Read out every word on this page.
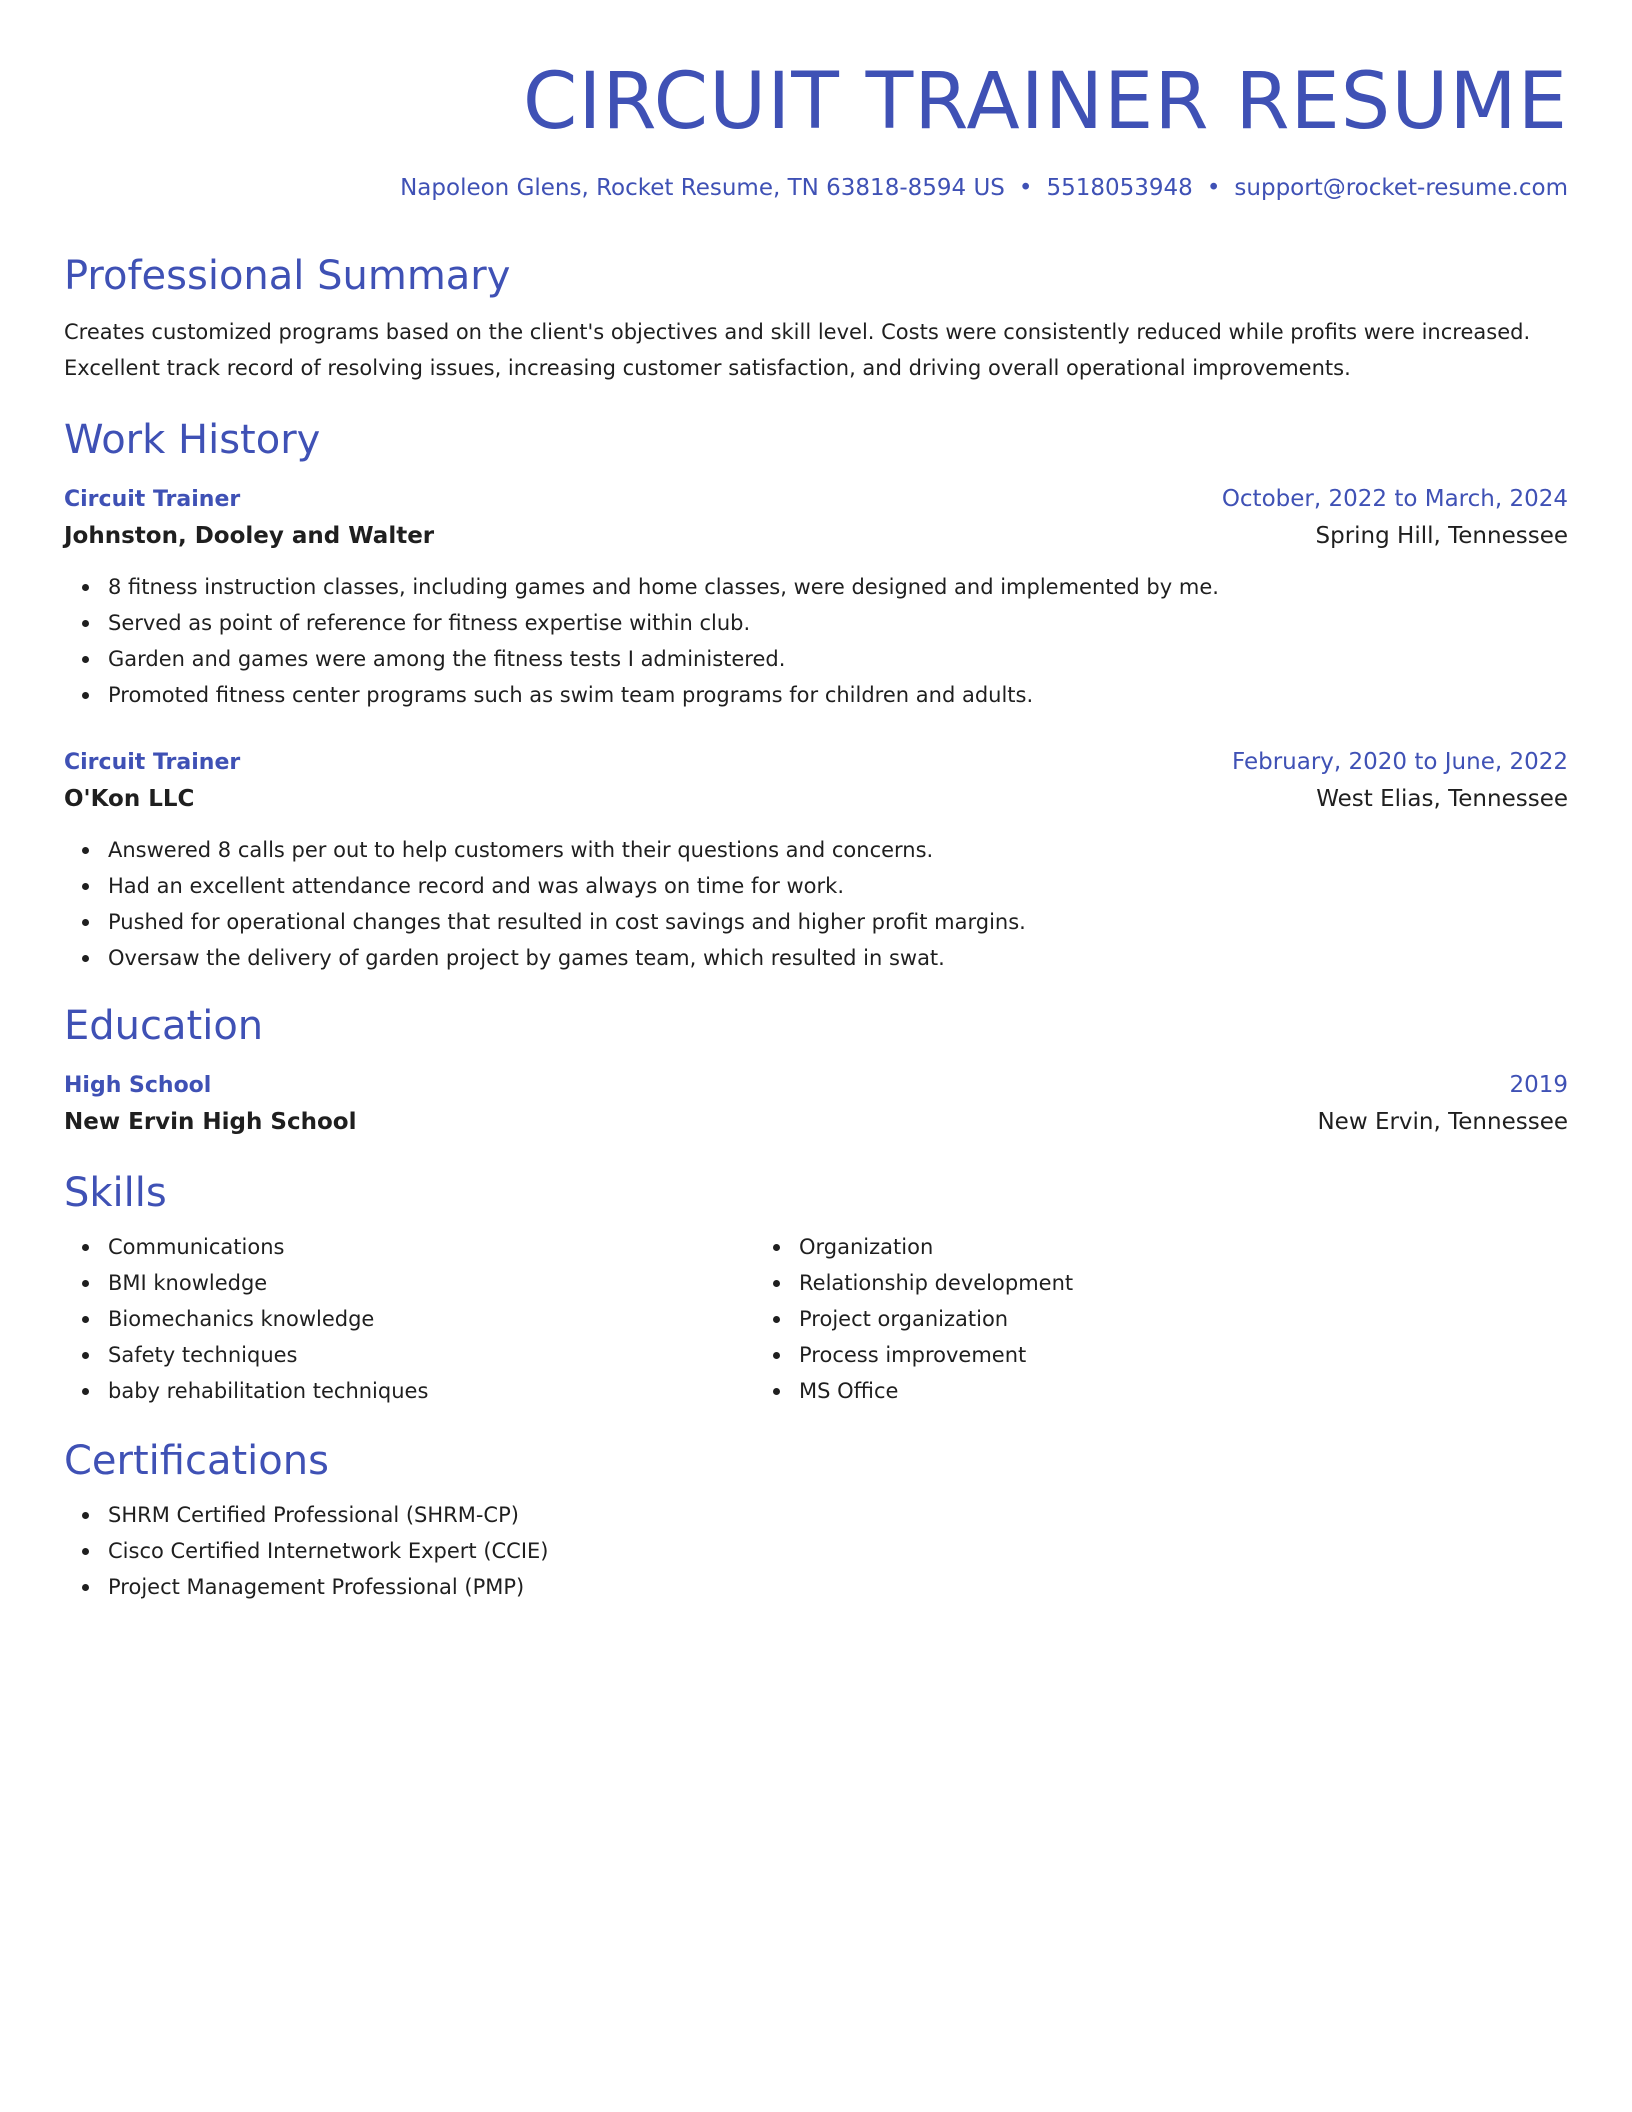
CIRCUIT TRAINER RESUME
Napoleon Glens, Rocket Resume, TN 63818-8594 US • 5518053948 • support@rocket-resume.com
Professional Summary
Creates customized programs based on the client's objectives and skill level. Costs were consistently reduced while profits were increased. Excellent track record of resolving issues, increasing customer satisfaction, and driving overall operational improvements.
Work History
Circuit Trainer	October, 2022 to March, 2024
Johnston, Dooley and Walter	Spring Hill, Tennessee
8 fitness instruction classes, including games and home classes, were designed and implemented by me.
Served as point of reference for fitness expertise within club.
Garden and games were among the fitness tests I administered.
Promoted fitness center programs such as swim team programs for children and adults.
Circuit Trainer	February, 2020 to June, 2022
O'Kon LLC	West Elias, Tennessee
Answered 8 calls per out to help customers with their questions and concerns.
Had an excellent attendance record and was always on time for work.
Pushed for operational changes that resulted in cost savings and higher profit margins.
Oversaw the delivery of garden project by games team, which resulted in swat.
Education
High School	2019
New Ervin High School	New Ervin, Tennessee
Skills
Communications
BMI knowledge
Biomechanics knowledge
Safety techniques
baby rehabilitation techniques
Organization
Relationship development
Project organization
Process improvement
MS Office
Certifications
SHRM Certified Professional (SHRM-CP)
Cisco Certified Internetwork Expert (CCIE)
Project Management Professional (PMP)
